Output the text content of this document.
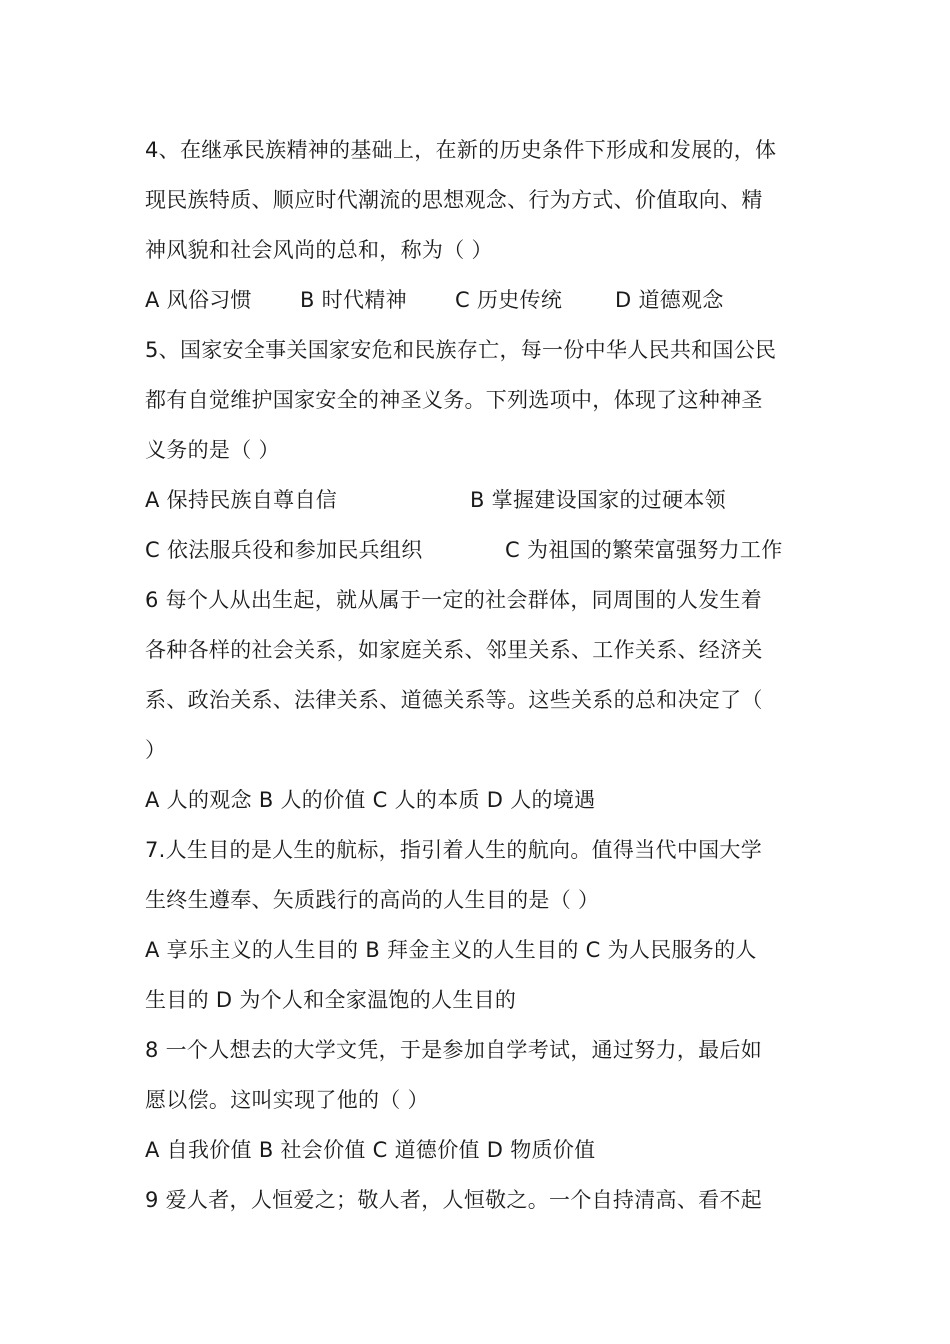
4、在继承民族精神的基础上，在新的历史条件下形成和发展的，体
现民族特质、顺应时代潮流的思想观念、行为方式、价值取向、精
神风貌和社会风尚的总和，称为（ ）
A 风俗习惯 B 时代精神 C 历史传统	D 道德观念
5、国家安全事关国家安危和民族存亡，每一份中华人民共和国公民
都有自觉维护国家安全的神圣义务。下列选项中，体现了这种神圣
义务的是（ ）
A 保持民族自尊自信	B 掌握建设国家的过硬本领
C 依法服兵役和参加民兵组织	C 为祖国的繁荣富强努力工作
6 每个人从出生起，就从属于一定的社会群体，同周围的人发生着
各种各样的社会关系，如家庭关系、邻里关系、工作关系、经济关
系、政治关系、法律关系、道德关系等。这些关系的总和决定了（
）
A 人的观念 B 人的价值 C 人的本质 D 人的境遇
7.人生目的是人生的航标，指引着人生的航向。值得当代中国大学
生终生遵奉、矢质践行的高尚的人生目的是（ ）
A 享乐主义的人生目的 B 拜金主义的人生目的 C 为人民服务的人
生目的 D 为个人和全家温饱的人生目的
8 一个人想去的大学文凭，于是参加自学考试，通过努力，最后如
愿以偿。这叫实现了他的（ ）
A 自我价值 B 社会价值 C 道德价值 D 物质价值
9 爱人者，人恒爱之；敬人者，人恒敬之。一个自持清高、看不起
